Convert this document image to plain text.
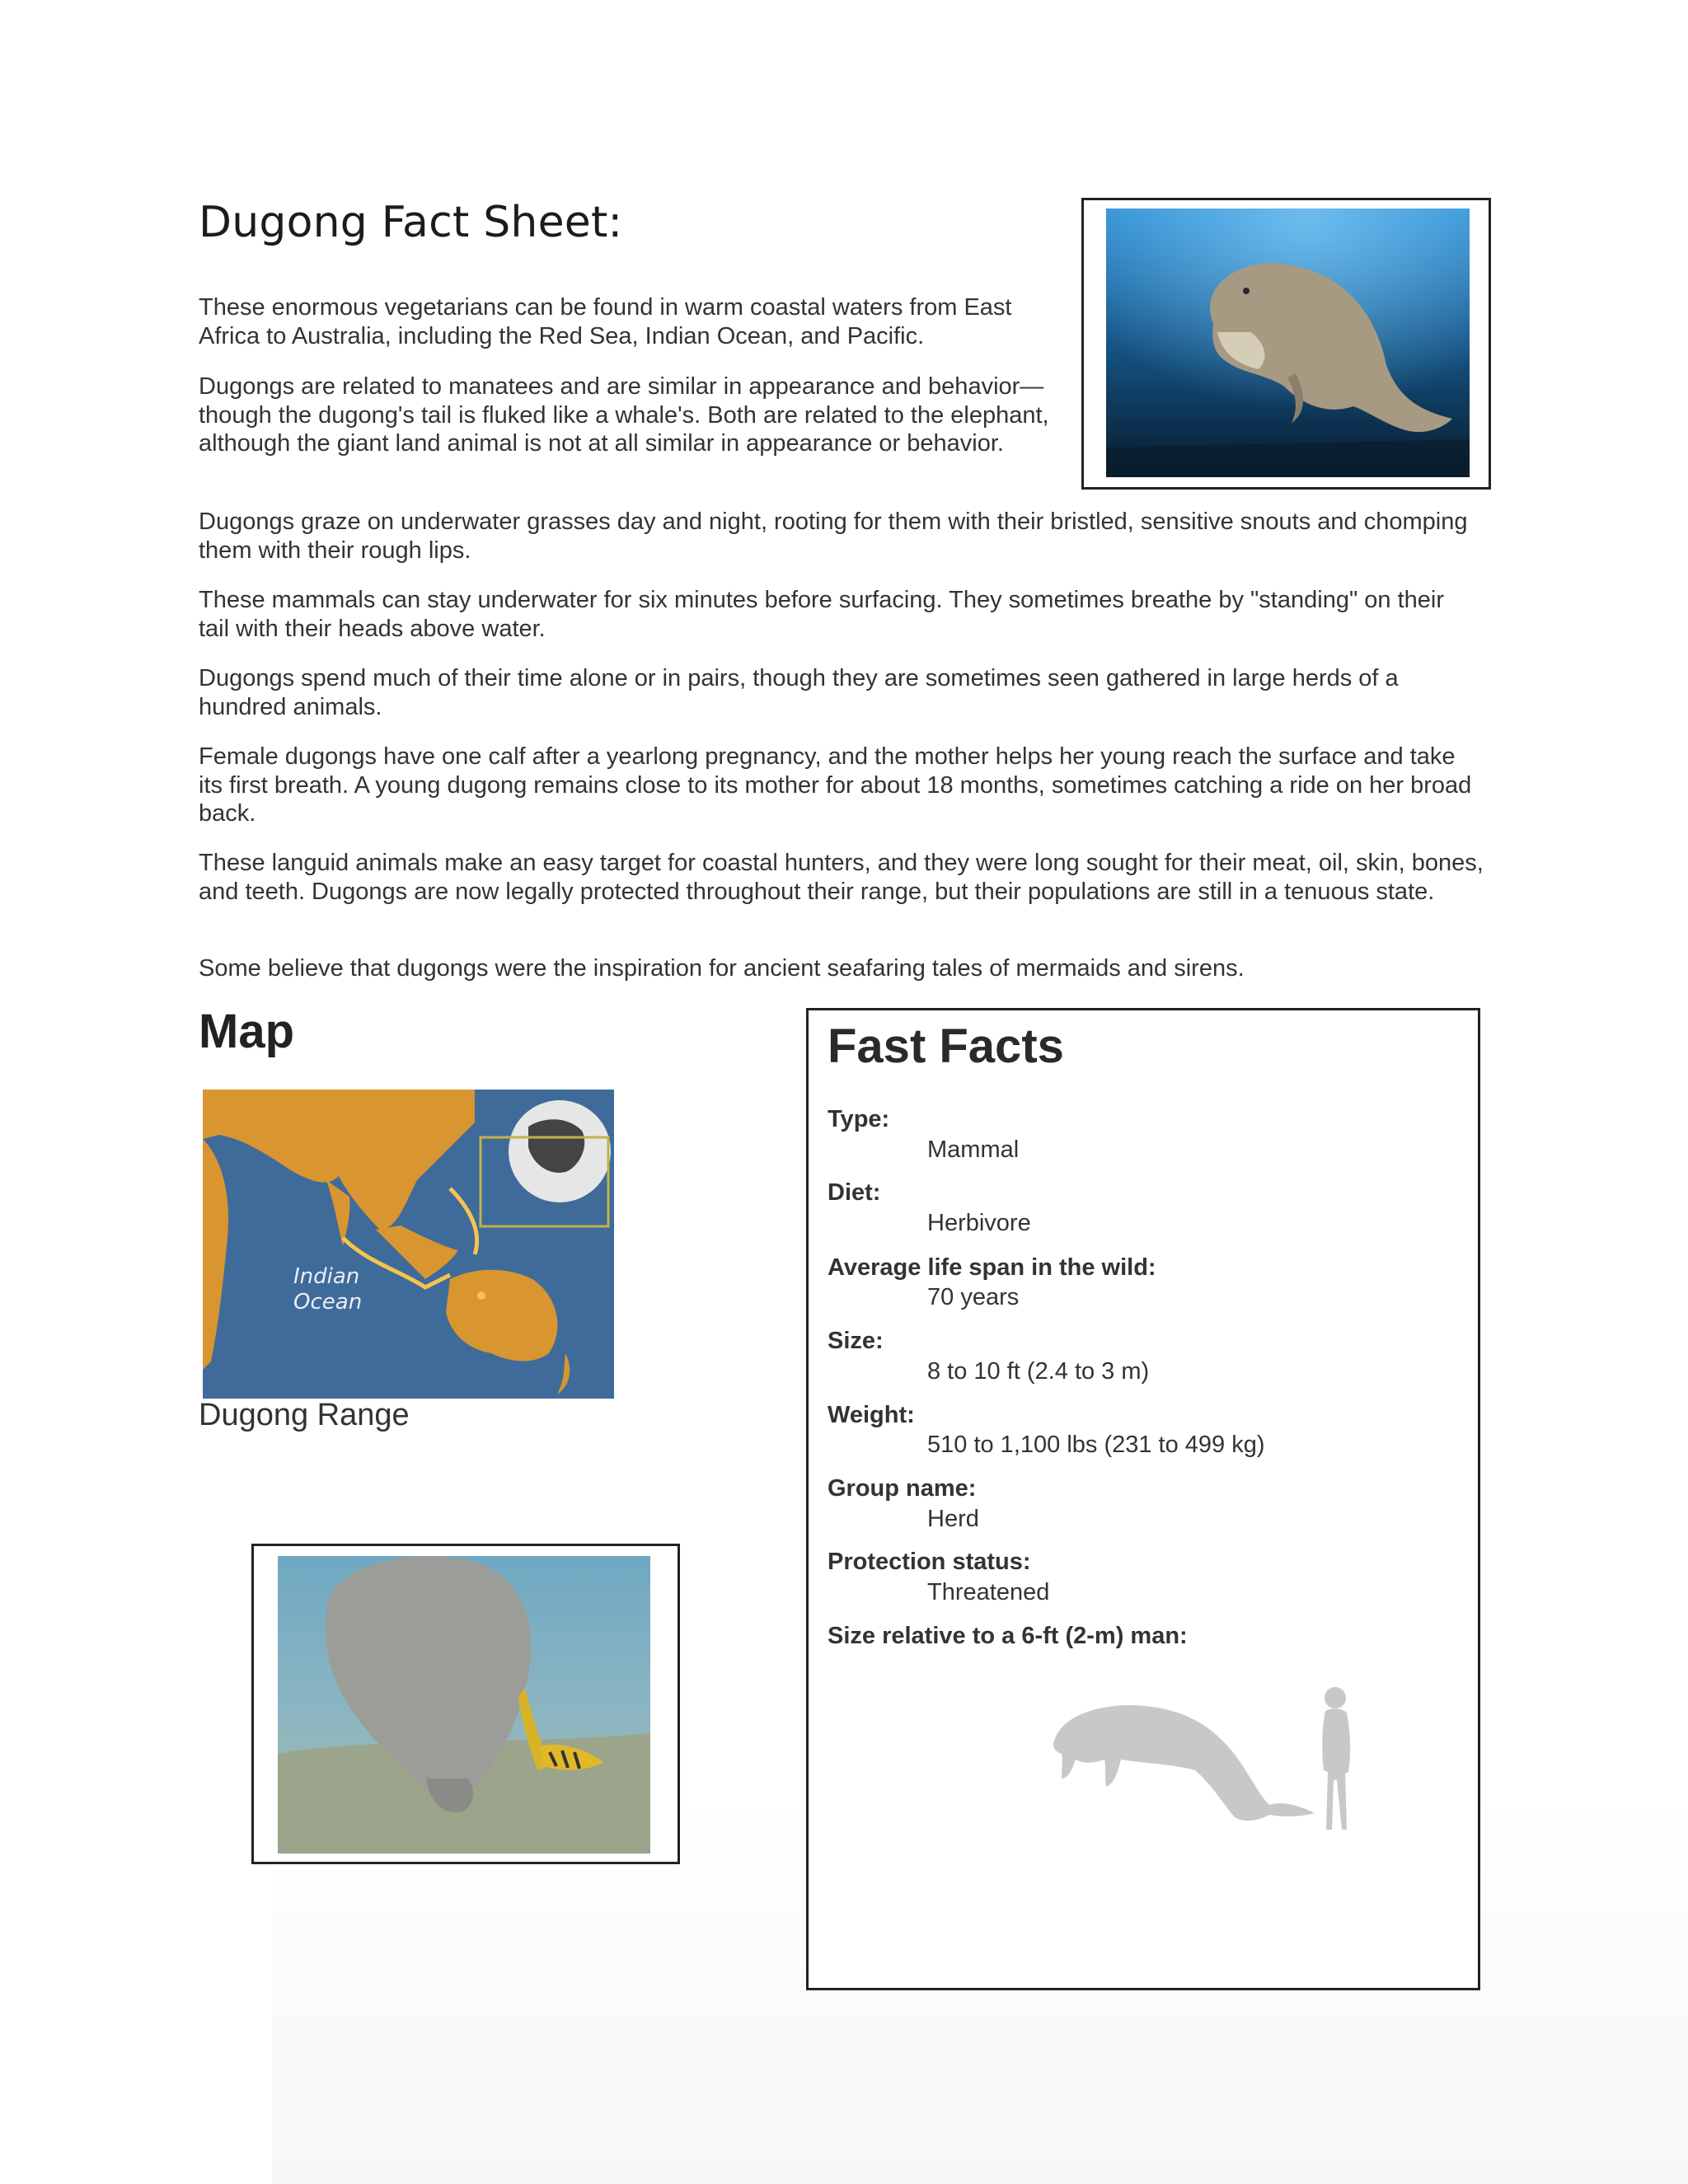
Dugong Fact Sheet:

These enormous vegetarians can be found in warm coastal waters from East Africa to Australia, including the Red Sea, Indian Ocean, and Pacific.

Dugongs are related to manatees and are similar in appearance and behavior— though the dugong's tail is fluked like a whale's. Both are related to the elephant, although the giant land animal is not at all similar in appearance or behavior.

Dugongs graze on underwater grasses day and night, rooting for them with their bristled, sensitive snouts and chomping them with their rough lips.

These mammals can stay underwater for six minutes before surfacing. They sometimes breathe by "standing" on their tail with their heads above water.

Dugongs spend much of their time alone or in pairs, though they are sometimes seen gathered in large herds of a hundred animals.

Female dugongs have one calf after a yearlong pregnancy, and the mother helps her young reach the surface and take its first breath. A young dugong remains close to its mother for about 18 months, sometimes catching a ride on her broad back.

These languid animals make an easy target for coastal hunters, and they were long sought for their meat, oil, skin, bones, and teeth. Dugongs are now legally protected throughout their range, but their populations are still in a tenuous state.

Some believe that dugongs were the inspiration for ancient seafaring tales of mermaids and sirens.

Map
Indian
Ocean

Dugong Range

Fast Facts

Type:

Mammal

Diet:

Herbivore

Average life span in the wild:

70 years

Size:

8 to 10 ft (2.4 to 3 m)

Weight:

510 to 1,100 lbs (231 to 499 kg)

Group name:

Herd

Protection status:

Threatened

Size relative to a 6-ft (2-m) man:
